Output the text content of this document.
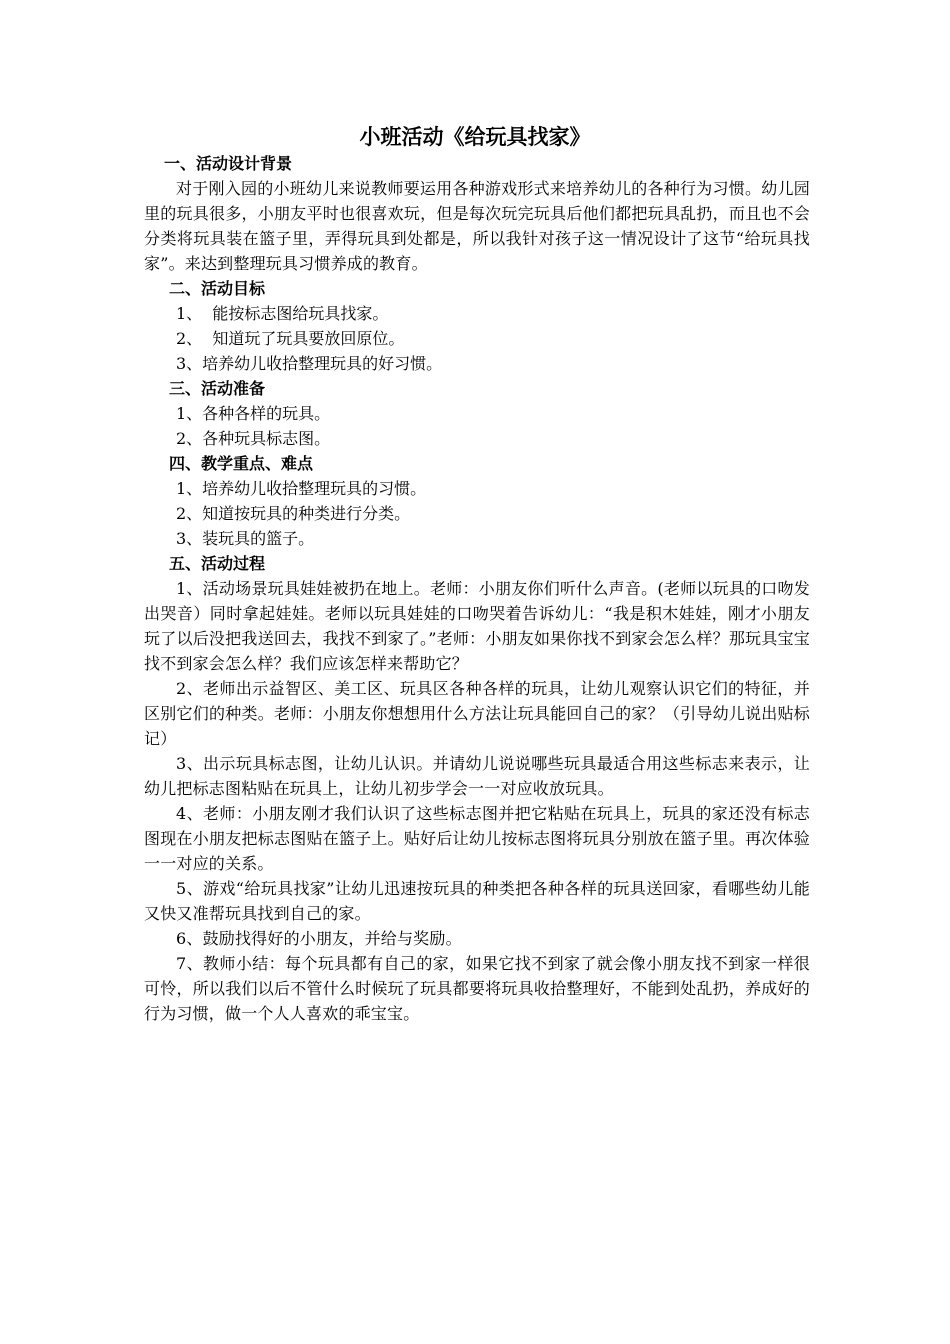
小班活动《给玩具找家》
一、活动设计背景

对于刚入园的小班幼儿来说教师要运用各种游戏形式来培养幼儿的各种行为习惯。幼儿园里的玩具很多，小朋友平时也很喜欢玩，但是每次玩完玩具后他们都把玩具乱扔，而且也不会分类将玩具装在篮子里，弄得玩具到处都是，所以我针对孩子这一情况设计了这节“给玩具找家”。来达到整理玩具习惯养成的教育。

二、活动目标

1、  能按标志图给玩具找家。

2、  知道玩了玩具要放回原位。

3、培养幼儿收拾整理玩具的好习惯。

三、活动准备

1、各种各样的玩具。

2、各种玩具标志图。

四、教学重点、难点

1、培养幼儿收拾整理玩具的习惯。

2、知道按玩具的种类进行分类。

3、装玩具的篮子。

五、活动过程

1、活动场景玩具娃娃被扔在地上。老师：小朋友你们听什么声音。(老师以玩具的口吻发出哭音）同时拿起娃娃。老师以玩具娃娃的口吻哭着告诉幼儿：“我是积木娃娃，刚才小朋友玩了以后没把我送回去，我找不到家了。”老师：小朋友如果你找不到家会怎么样？那玩具宝宝找不到家会怎么样？我们应该怎样来帮助它？

2、老师出示益智区、美工区、玩具区各种各样的玩具，让幼儿观察认识它们的特征，并区别它们的种类。老师：小朋友你想想用什么方法让玩具能回自己的家？（引导幼儿说出贴标记）

3、出示玩具标志图，让幼儿认识。并请幼儿说说哪些玩具最适合用这些标志来表示，让幼儿把标志图粘贴在玩具上，让幼儿初步学会一一对应收放玩具。

4、老师：小朋友刚才我们认识了这些标志图并把它粘贴在玩具上，玩具的家还没有标志图现在小朋友把标志图贴在篮子上。贴好后让幼儿按标志图将玩具分别放在篮子里。再次体验一一对应的关系。

5、游戏“给玩具找家”让幼儿迅速按玩具的种类把各种各样的玩具送回家，看哪些幼儿能又快又准帮玩具找到自己的家。

6、鼓励找得好的小朋友，并给与奖励。

7、教师小结：每个玩具都有自己的家，如果它找不到家了就会像小朋友找不到家一样很可怜，所以我们以后不管什么时候玩了玩具都要将玩具收拾整理好，不能到处乱扔，养成好的行为习惯，做一个人人喜欢的乖宝宝。
